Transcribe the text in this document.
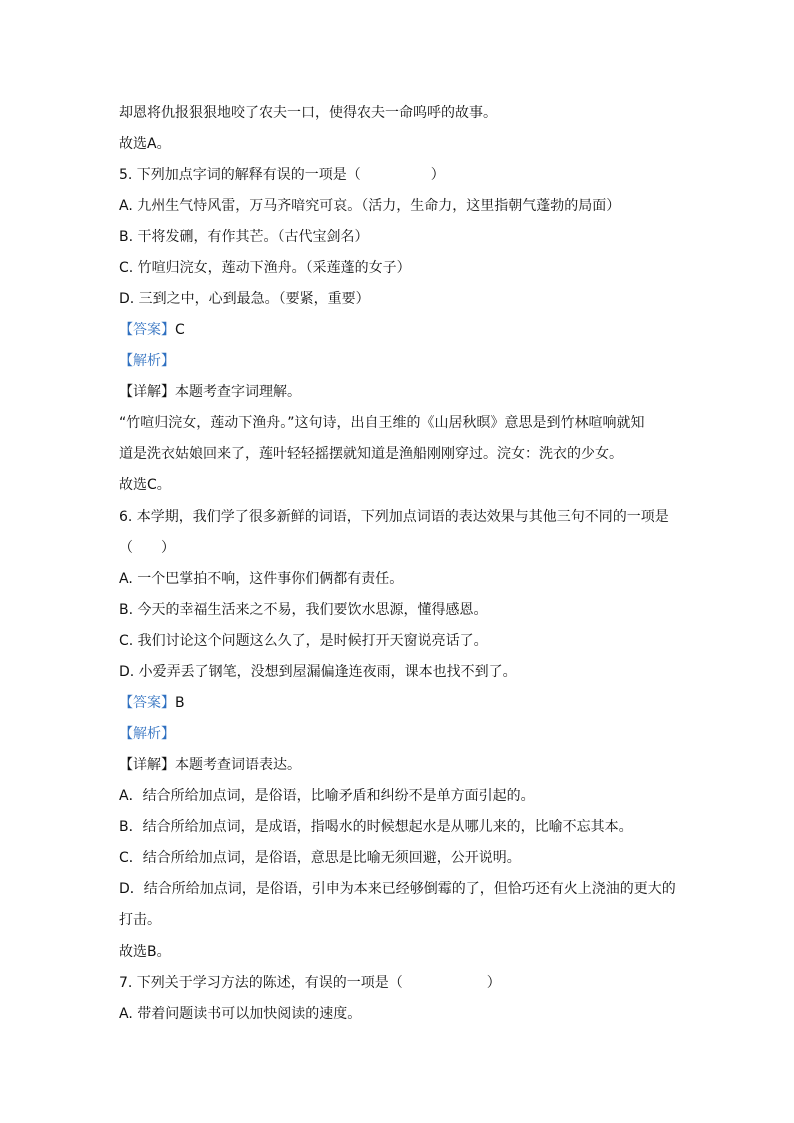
却恩将仇报狠狠地咬了农夫一口，使得农夫一命呜呼的故事。
故选A。
5. 下列加点字词的解释有误的一项是（　　　　　）
A. 九州生气恃风雷，万马齐喑究可哀。（活力，生命力，这里指朝气蓬勃的局面）
B. 干将发硎，有作其芒。（古代宝剑名）
C. 竹喧归浣女，莲动下渔舟。（采莲蓬的女子）
D. 三到之中，心到最急。（要紧，重要）
【答案】C
【解析】
【详解】本题考查字词理解。
“竹喧归浣女，莲动下渔舟。”这句诗，出自王维的《山居秋暝》意思是到竹林喧响就知
道是洗衣姑娘回来了，莲叶轻轻摇摆就知道是渔船刚刚穿过。浣女：洗衣的少女。
故选C。
6. 本学期，我们学了很多新鲜的词语，下列加点词语的表达效果与其他三句不同的一项是
（　　）
A. 一个巴掌拍不响，这件事你们俩都有责任。
B. 今天的幸福生活来之不易，我们要饮水思源，懂得感恩。
C. 我们讨论这个问题这么久了，是时候打开天窗说亮话了。
D. 小爱弄丢了钢笔，没想到屋漏偏逢连夜雨，课本也找不到了。
【答案】B
【解析】
【详解】本题考查词语表达。
A．结合所给加点词，是俗语，比喻矛盾和纠纷不是单方面引起的。
B．结合所给加点词，是成语，指喝水的时候想起水是从哪儿来的，比喻不忘其本。
C．结合所给加点词，是俗语，意思是比喻无须回避，公开说明。
D．结合所给加点词，是俗语，引申为本来已经够倒霉的了，但恰巧还有火上浇油的更大的
打击。
故选B。
7. 下列关于学习方法的陈述，有误的一项是（　　　　　　）
A. 带着问题读书可以加快阅读的速度。
